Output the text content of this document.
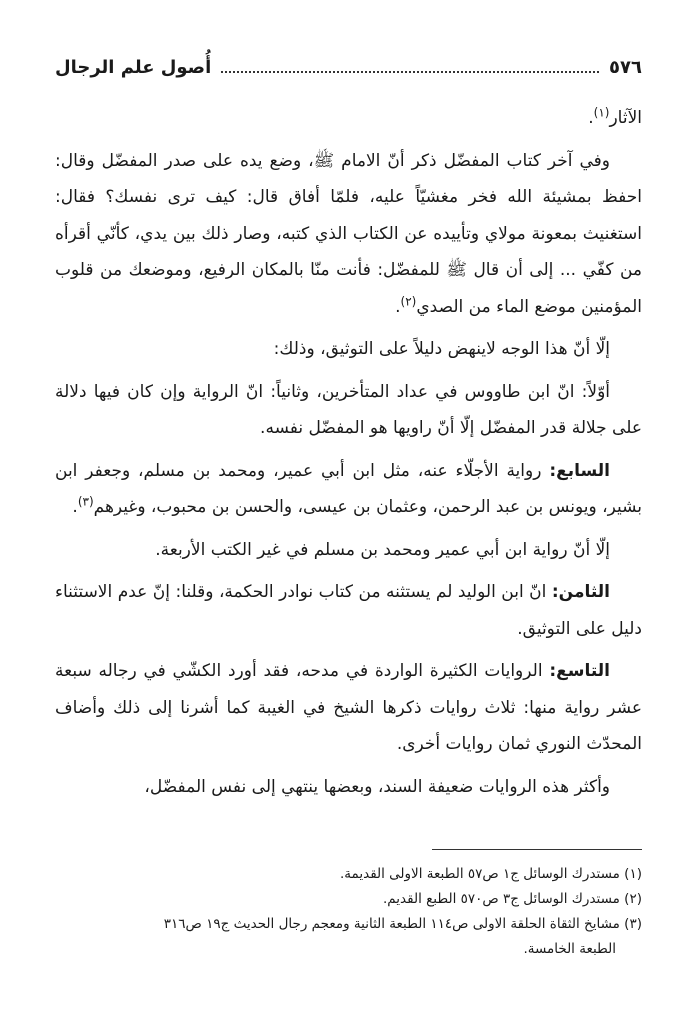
٥٧٦
أُصول علم الرجال

الآثار$^{(١)}$.

وفي آخر كتاب المفضّل ذكر أنّ الامام ﷺ، وضع يده على صدر المفضّل وقال: احفظ بمشيئة الله فخر مغشيّاً عليه، فلمّا أفاق قال: كيف ترى نفسك؟ فقال: استغنيث بمعونة مولاي وتأييده عن الكتاب الذي كتبه، وصار ذلك بين يدي، كأنّي أقرأه من كفّي ... إلى أن قال ﷺ للمفضّل: فأنت منّا بالمكان الرفيع، وموضعك من قلوب المؤمنين موضع الماء من الصدي$^{(٢)}$.

إلّا أنّ هذا الوجه لاينهض دليلاً على التوثيق، وذلك:

أوّلاً: انّ ابن طاووس في عداد المتأخرين، وثانياً: انّ الرواية وإن كان فيها دلالة على جلالة قدر المفضّل إلّا أنّ راويها هو المفضّل نفسه.

السابع: رواية الأجلّاء عنه، مثل ابن أبي عمير، ومحمد بن مسلم، وجعفر ابن بشير، ويونس بن عبد الرحمن، وعثمان بن عيسى، والحسن بن محبوب، وغيرهم$^{(٣)}$.

إلّا أنّ رواية ابن أبي عمير ومحمد بن مسلم في غير الكتب الأربعة.

الثامن: انّ ابن الوليد لم يستثنه من كتاب نوادر الحكمة، وقلنا: إنّ عدم الاستثناء دليل على التوثيق.

التاسع: الروايات الكثيرة الواردة في مدحه، فقد أورد الكشّي في رجاله سبعة عشر رواية منها: ثلاث روايات ذكرها الشيخ في الغيبة كما أشرنا إلى ذلك وأضاف المحدّث النوري ثمان روايات أخرى.

وأكثر هذه الروايات ضعيفة السند، وبعضها ينتهي إلى نفس المفضّل،

(١) مستدرك الوسائل ج١ ص٥٧ الطبعة الاولى القديمة.

(٢) مستدرك الوسائل ج٣ ص٥٧٠ الطبع القديم.

(٣) مشايخ الثقاة الحلقة الاولى ص١١٤ الطبعة الثانية ومعجم رجال الحديث ج١٩ ص٣١٦

الطبعة الخامسة.
